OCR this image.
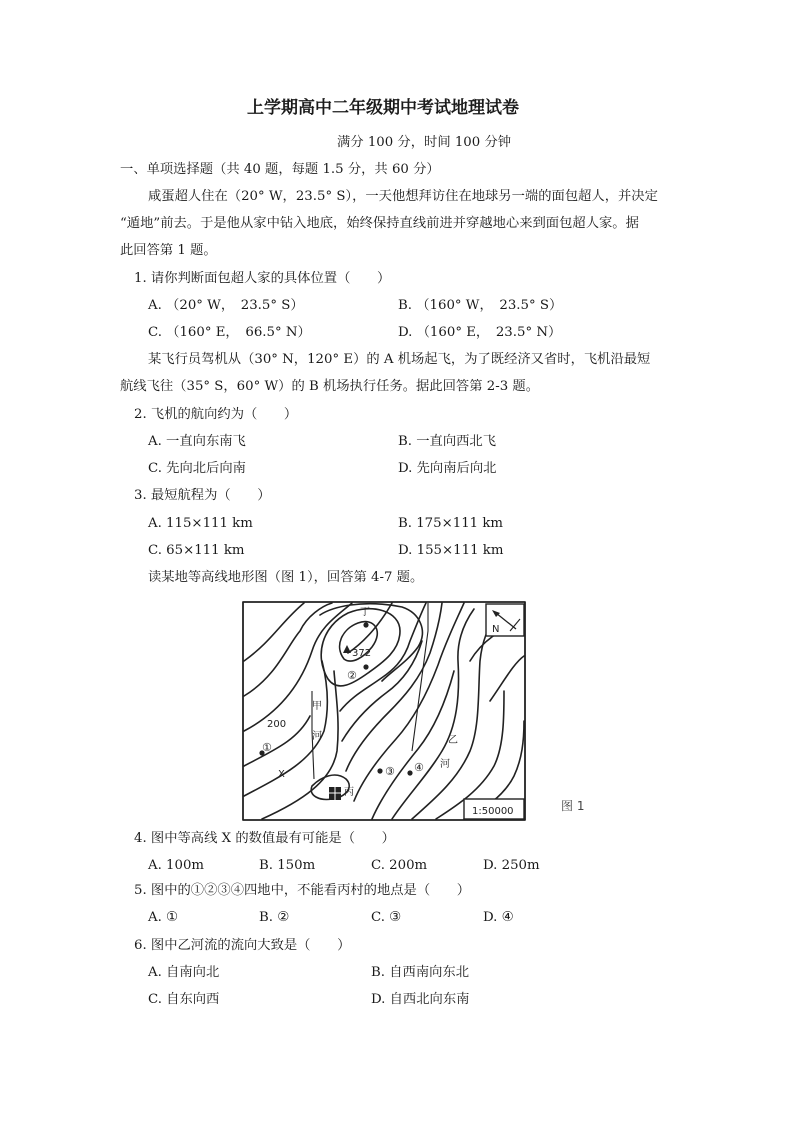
上学期高中二年级期中考试地理试卷
满分 100 分，时间 100 分钟
一、单项选择题（共 40 题，每题 1.5 分，共 60 分）
咸蛋超人住在（20° W，23.5° S），一天他想拜访住在地球另一端的面包超人，并决定
“遁地”前去。于是他从家中钻入地底，始终保持直线前进并穿越地心来到面包超人家。据
此回答第 1 题。
1. 请你判断面包超人家的具体位置（　　）
A. （20° W，　23.5° S）	B. （160° W，　23.5° S）
C. （160° E，　66.5° N）	D. （160° E，　23.5° N）
某飞行员驾机从（30° N，120° E）的 A 机场起飞，为了既经济又省时，飞机沿最短
航线飞往（35° S，60° W）的 B 机场执行任务。据此回答第 2-3 题。
2. 飞机的航向约为（　　）
A. 一直向东南飞	B. 一直向西北飞
C. 先向北后向南	D. 先向南后向北
3. 最短航程为（　　）
A. 115×111 km	B. 175×111 km
C. 65×111 km	D. 155×111 km
读某地等高线地形图（图 1），回答第 4-7 题。
N
1:50000
372
丁
②
200
①
X
甲
河	乙
河
③ ④
丙
图 1
4. 图中等高线 X 的数值最有可能是（　　）
A. 100m	B. 150m	C. 200m	D. 250m
5. 图中的①②③④四地中，不能看丙村的地点是（　　）
A. ①	B. ②	C. ③	D. ④
6. 图中乙河流的流向大致是（　　）
A. 自南向北	B. 自西南向东北
C. 自东向西	D. 自西北向东南
